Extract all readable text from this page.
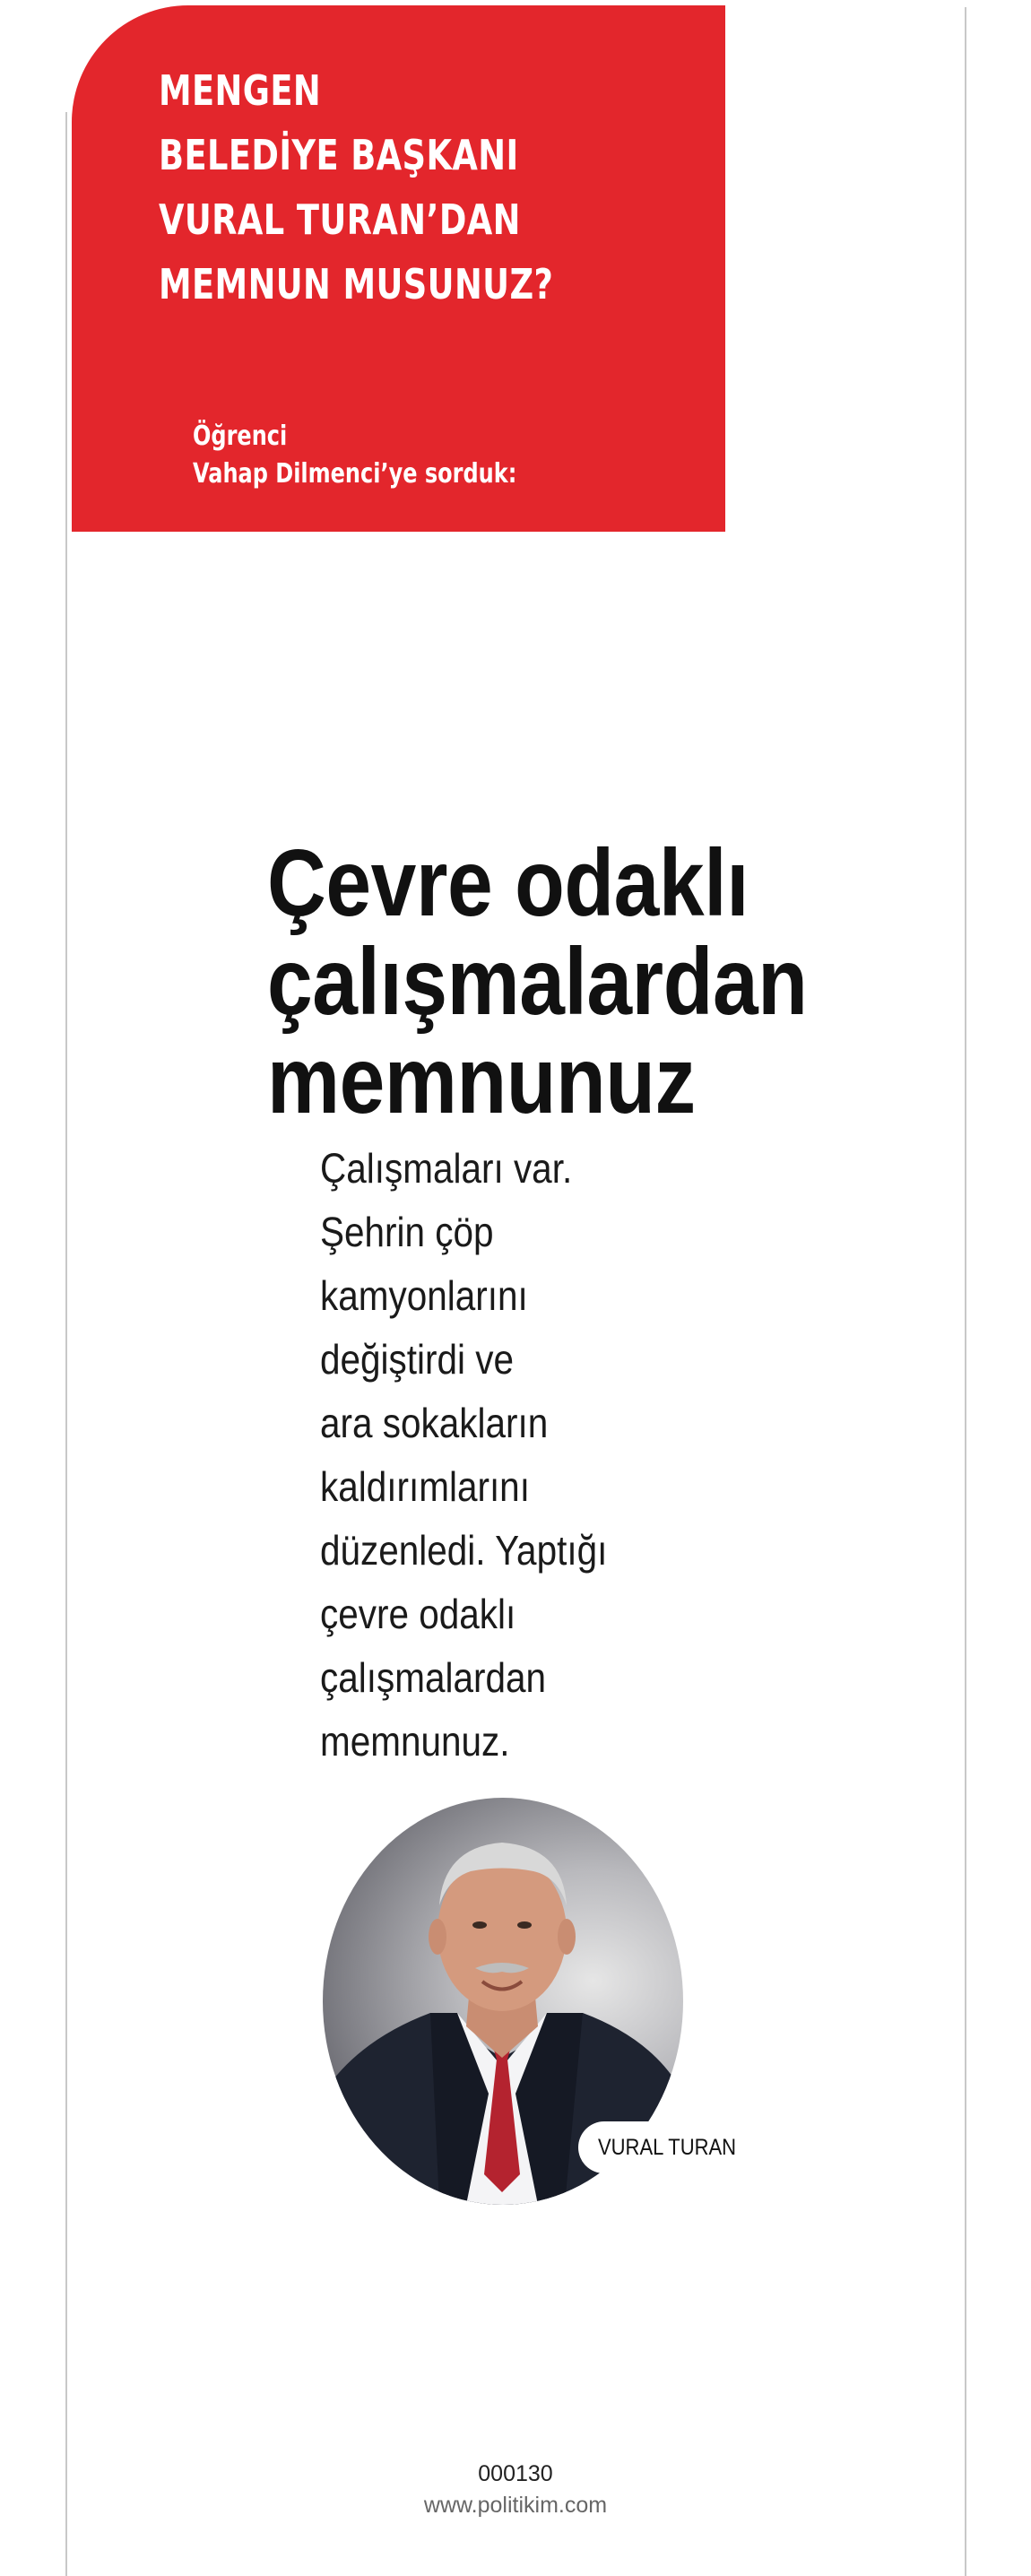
MENGEN
BELEDİYE BAŞKANI
VURAL TURAN’DAN
MEMNUN MUSUNUZ?

Öğrenci
Vahap Dilmenci’ye sorduk:

Çevre odaklı
çalışmalardan
memnunuz

Çalışmaları var.
Şehrin çöp
kamyonlarını
değiştirdi ve
ara sokakların
kaldırımlarını
düzenledi. Yaptığı
çevre odaklı
çalışmalardan
memnunuz.

VURAL TURAN
000130
www.politikim.com
